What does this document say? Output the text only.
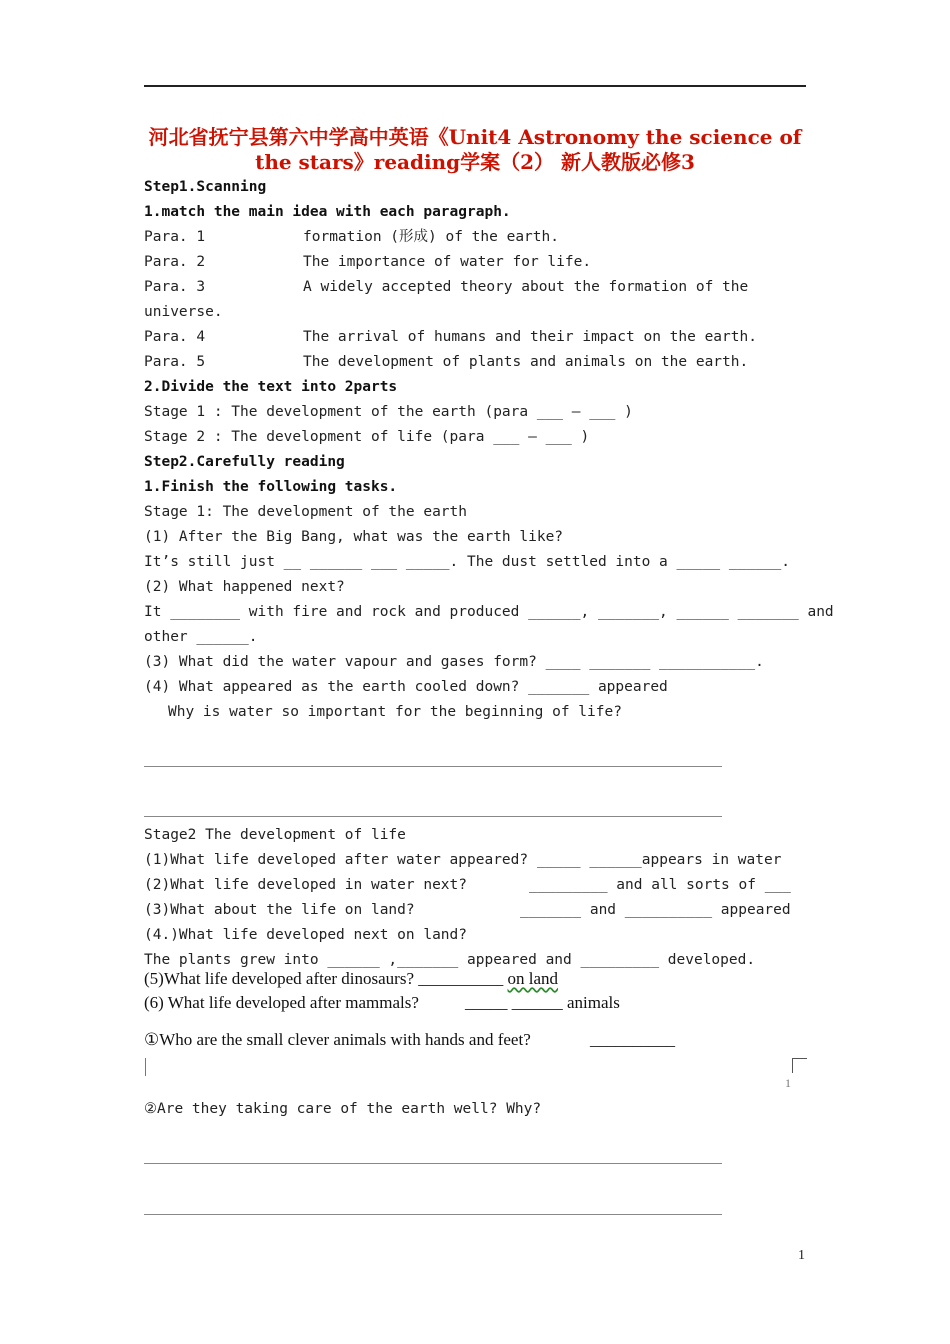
河北省抚宁县第六中学高中英语《Unit4 Astronomy the science of
the stars》reading学案（2） 新人教版必修3
Step1.Scanning
1.match the main idea with each paragraph.
Para. 1	formation (形成) of the earth.
Para. 2	The importance of water for life.
Para. 3	A widely accepted theory about the formation of the
universe.
Para. 4	The arrival of humans and their impact on the earth.
Para. 5	The development of plants and animals on the earth.
2.Divide the text into 2parts
Stage 1 : The development of the earth (para ___ — ___ )
Stage 2 : The development of life (para ___ — ___ )
Step2.Carefully reading
1.Finish the following tasks.
Stage 1: The development of the earth
(1) After the Big Bang, what was the earth like?
It’s still just __ ______ ___ _____. The dust settled into a _____ ______.
(2) What happened next?
It ________ with fire and rock and produced ______, _______, ______ _______ and
other ______.
(3) What did the water vapour and gases form? ____ _______ ___________.
(4) What appeared as the earth cooled down? _______ appeared
Why is water so important for the beginning of life?
Stage2 The development of life
(1)What life developed after water appeared? _____ ______appears in water
(2)What life developed in water next?	_________ and all sorts of ___
(3)What about the life on land?	_______ and __________ appeared
(4.)What life developed next on land?
The plants grew into ______ ,_______ appeared and _________ developed.
(5)What life developed after dinosaurs? __________ on land
(6) What life developed after mammals?	_____ ______ animals
①Who are the small clever animals with hands and feet?	__________
1
②Are they taking care of the earth well? Why?
1
